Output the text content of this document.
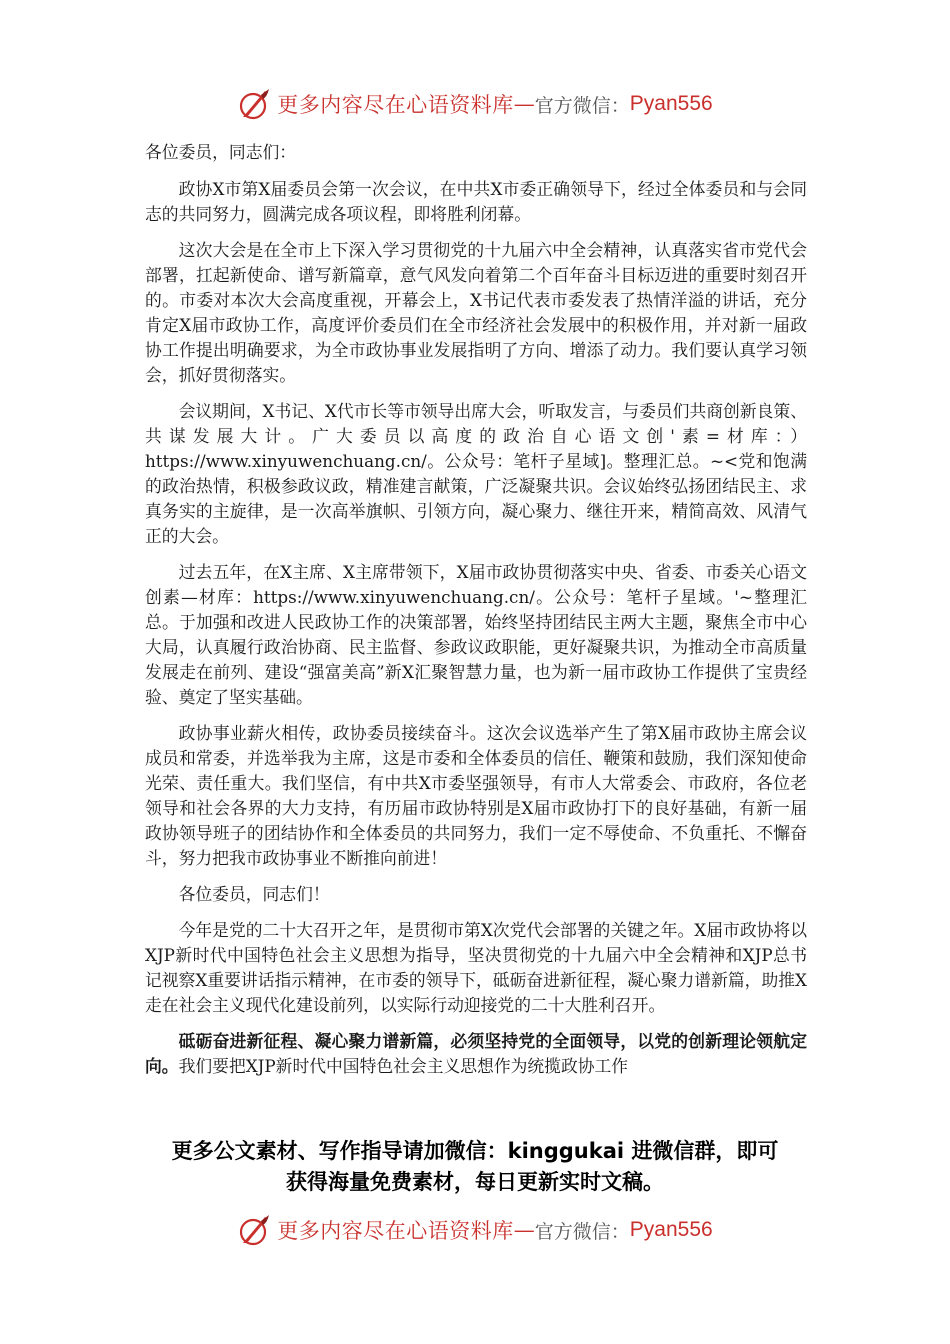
更多内容尽在心语资料库 — 官方微信： Pyan556

各位委员，同志们：

政协X市第X届委员会第一次会议，在中共X市委正确领导下，经过全体委员和与会同志的共同努力，圆满完成各项议程，即将胜利闭幕。

这次大会是在全市上下深入学习贯彻党的十九届六中全会精神，认真落实省市党代会部署，扛起新使命、谱写新篇章，意气风发向着第二个百年奋斗目标迈进的重要时刻召开的。市委对本次大会高度重视，开幕会上，X书记代表市委发表了热情洋溢的讲话，充分肯定X届市政协工作，高度评价委员们在全市经济社会发展中的积极作用，并对新一届政协工作提出明确要求，为全市政协事业发展指明了方向、增添了动力。我们要认真学习领会，抓好贯彻落实。

会议期间，X书记、X代市长等市领导出席大会，听取发言，与委员们共商创新良策、共谋发展大计。广大委员以高度的政治自心语文创'素=材库：）https://www.xinyuwenchuang.cn/。公众号：笔杆子星域]。整理汇总。~<党和饱满的政治热情，积极参政议政，精准建言献策，广泛凝聚共识。会议始终弘扬团结民主、求真务实的主旋律，是一次高举旗帜、引领方向，凝心聚力、继往开来，精简高效、风清气正的大会。

过去五年，在X主席、X主席带领下，X届市政协贯彻落实中央、省委、市委关心语文创素—材库：https://www.xinyuwenchuang.cn/。公众号：笔杆子星域。'~整理汇总。于加强和改进人民政协工作的决策部署，始终坚持团结民主两大主题，聚焦全市中心大局，认真履行政治协商、民主监督、参政议政职能，更好凝聚共识，为推动全市高质量发展走在前列、建设“强富美高”新X汇聚智慧力量，也为新一届市政协工作提供了宝贵经验、奠定了坚实基础。

政协事业薪火相传，政协委员接续奋斗。这次会议选举产生了第X届市政协主席会议成员和常委，并选举我为主席，这是市委和全体委员的信任、鞭策和鼓励，我们深知使命光荣、责任重大。我们坚信，有中共X市委坚强领导，有市人大常委会、市政府，各位老领导和社会各界的大力支持，有历届市政协特别是X届市政协打下的良好基础，有新一届政协领导班子的团结协作和全体委员的共同努力，我们一定不辱使命、不负重托、不懈奋斗，努力把我市政协事业不断推向前进！

各位委员，同志们！

今年是党的二十大召开之年，是贯彻市第X次党代会部署的关键之年。X届市政协将以XJP新时代中国特色社会主义思想为指导，坚决贯彻党的十九届六中全会精神和XJP总书记视察X重要讲话指示精神，在市委的领导下，砥砺奋进新征程，凝心聚力谱新篇，助推X走在社会主义现代化建设前列，以实际行动迎接党的二十大胜利召开。

砥砺奋进新征程、凝心聚力谱新篇，必须坚持党的全面领导，以党的创新理论领航定向。我们要把XJP新时代中国特色社会主义思想作为统揽政协工作

更多公文素材、写作指导请加微信：kinggukai 进微信群，即可
获得海量免费素材，每日更新实时文稿。
更多内容尽在心语资料库 — 官方微信： Pyan556
